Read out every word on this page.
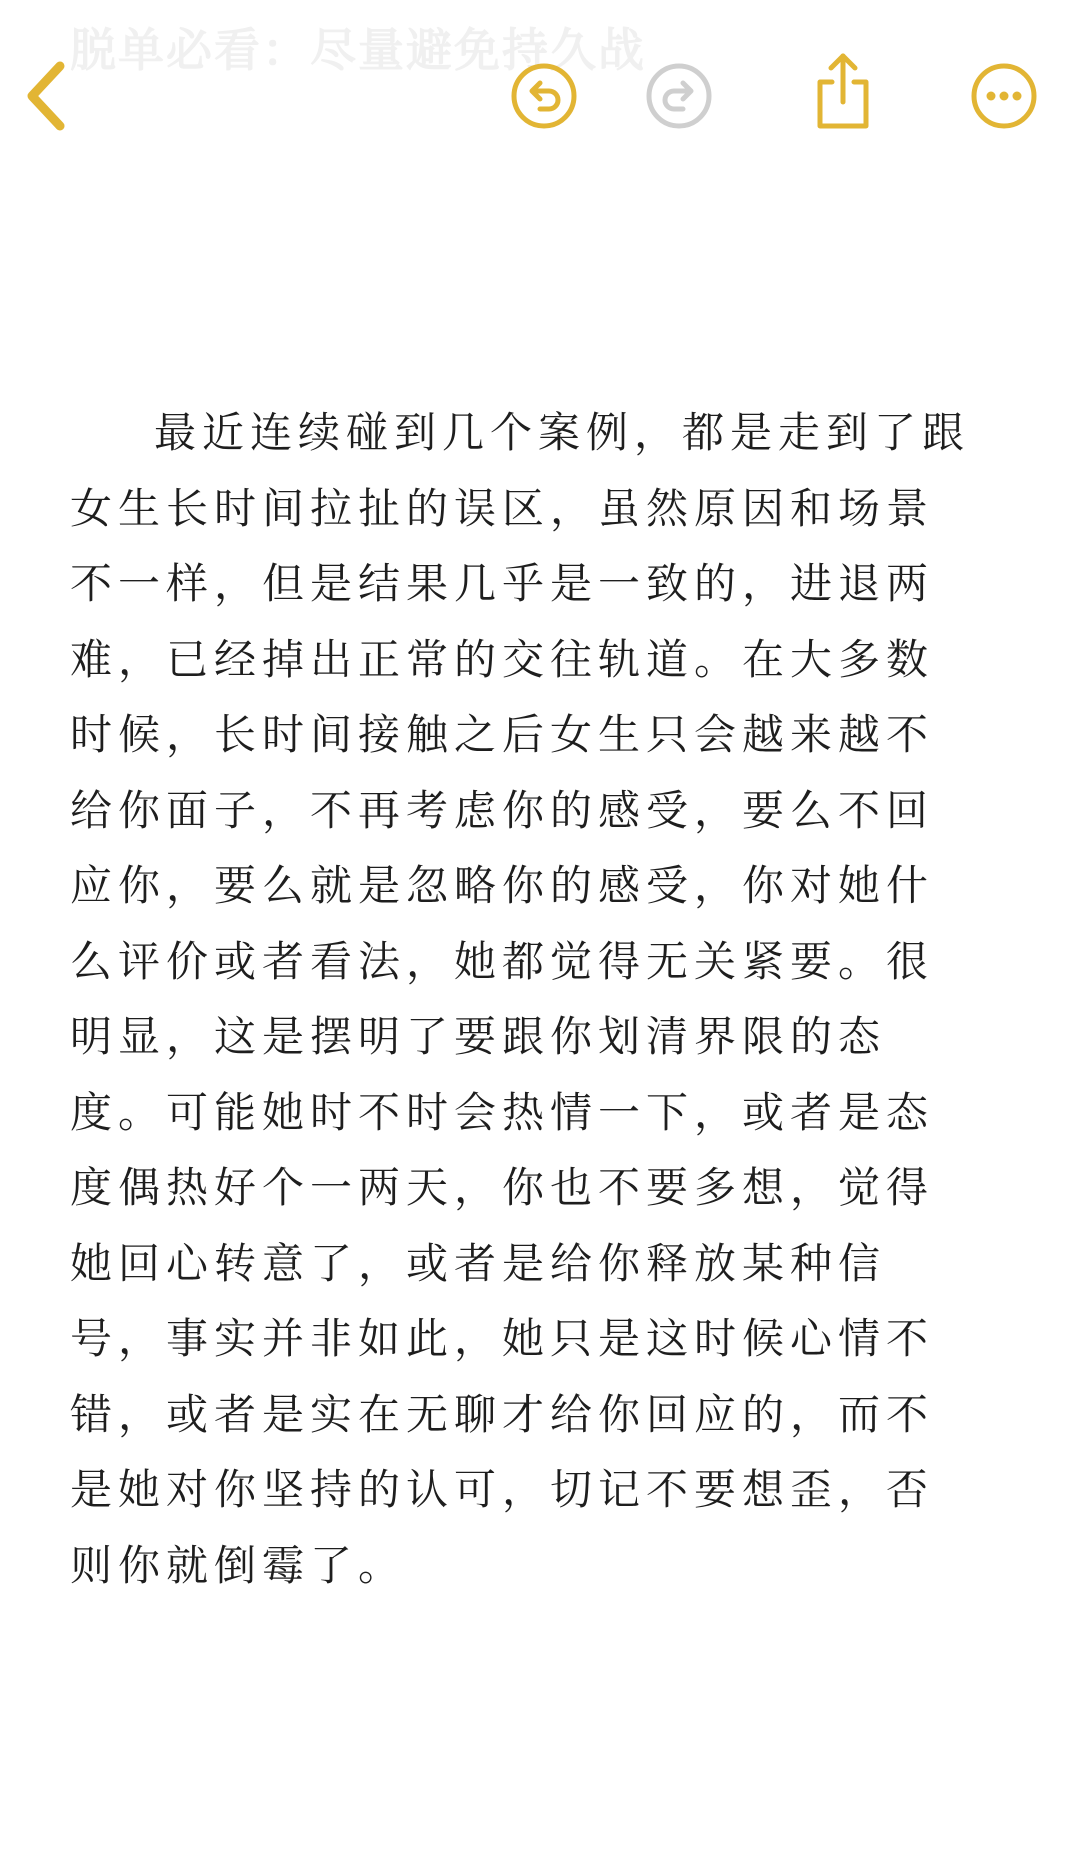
脱单必看：尽量避免持久战

最近连续碰到几个案例，都是走到了跟女生长时间拉扯的误区，虽然原因和场景不一样，但是结果几乎是一致的，进退两难，已经掉出正常的交往轨道。在大多数时候，长时间接触之后女生只会越来越不给你面子，不再考虑你的感受，要么不回应你，要么就是忽略你的感受，你对她什么评价或者看法，她都觉得无关紧要。很明显，这是摆明了要跟你划清界限的态度。可能她时不时会热情一下，或者是态度偶热好个一两天，你也不要多想，觉得她回心转意了，或者是给你释放某种信号，事实并非如此，她只是这时候心情不错，或者是实在无聊才给你回应的，而不是她对你坚持的认可，切记不要想歪，否则你就倒霉了。
